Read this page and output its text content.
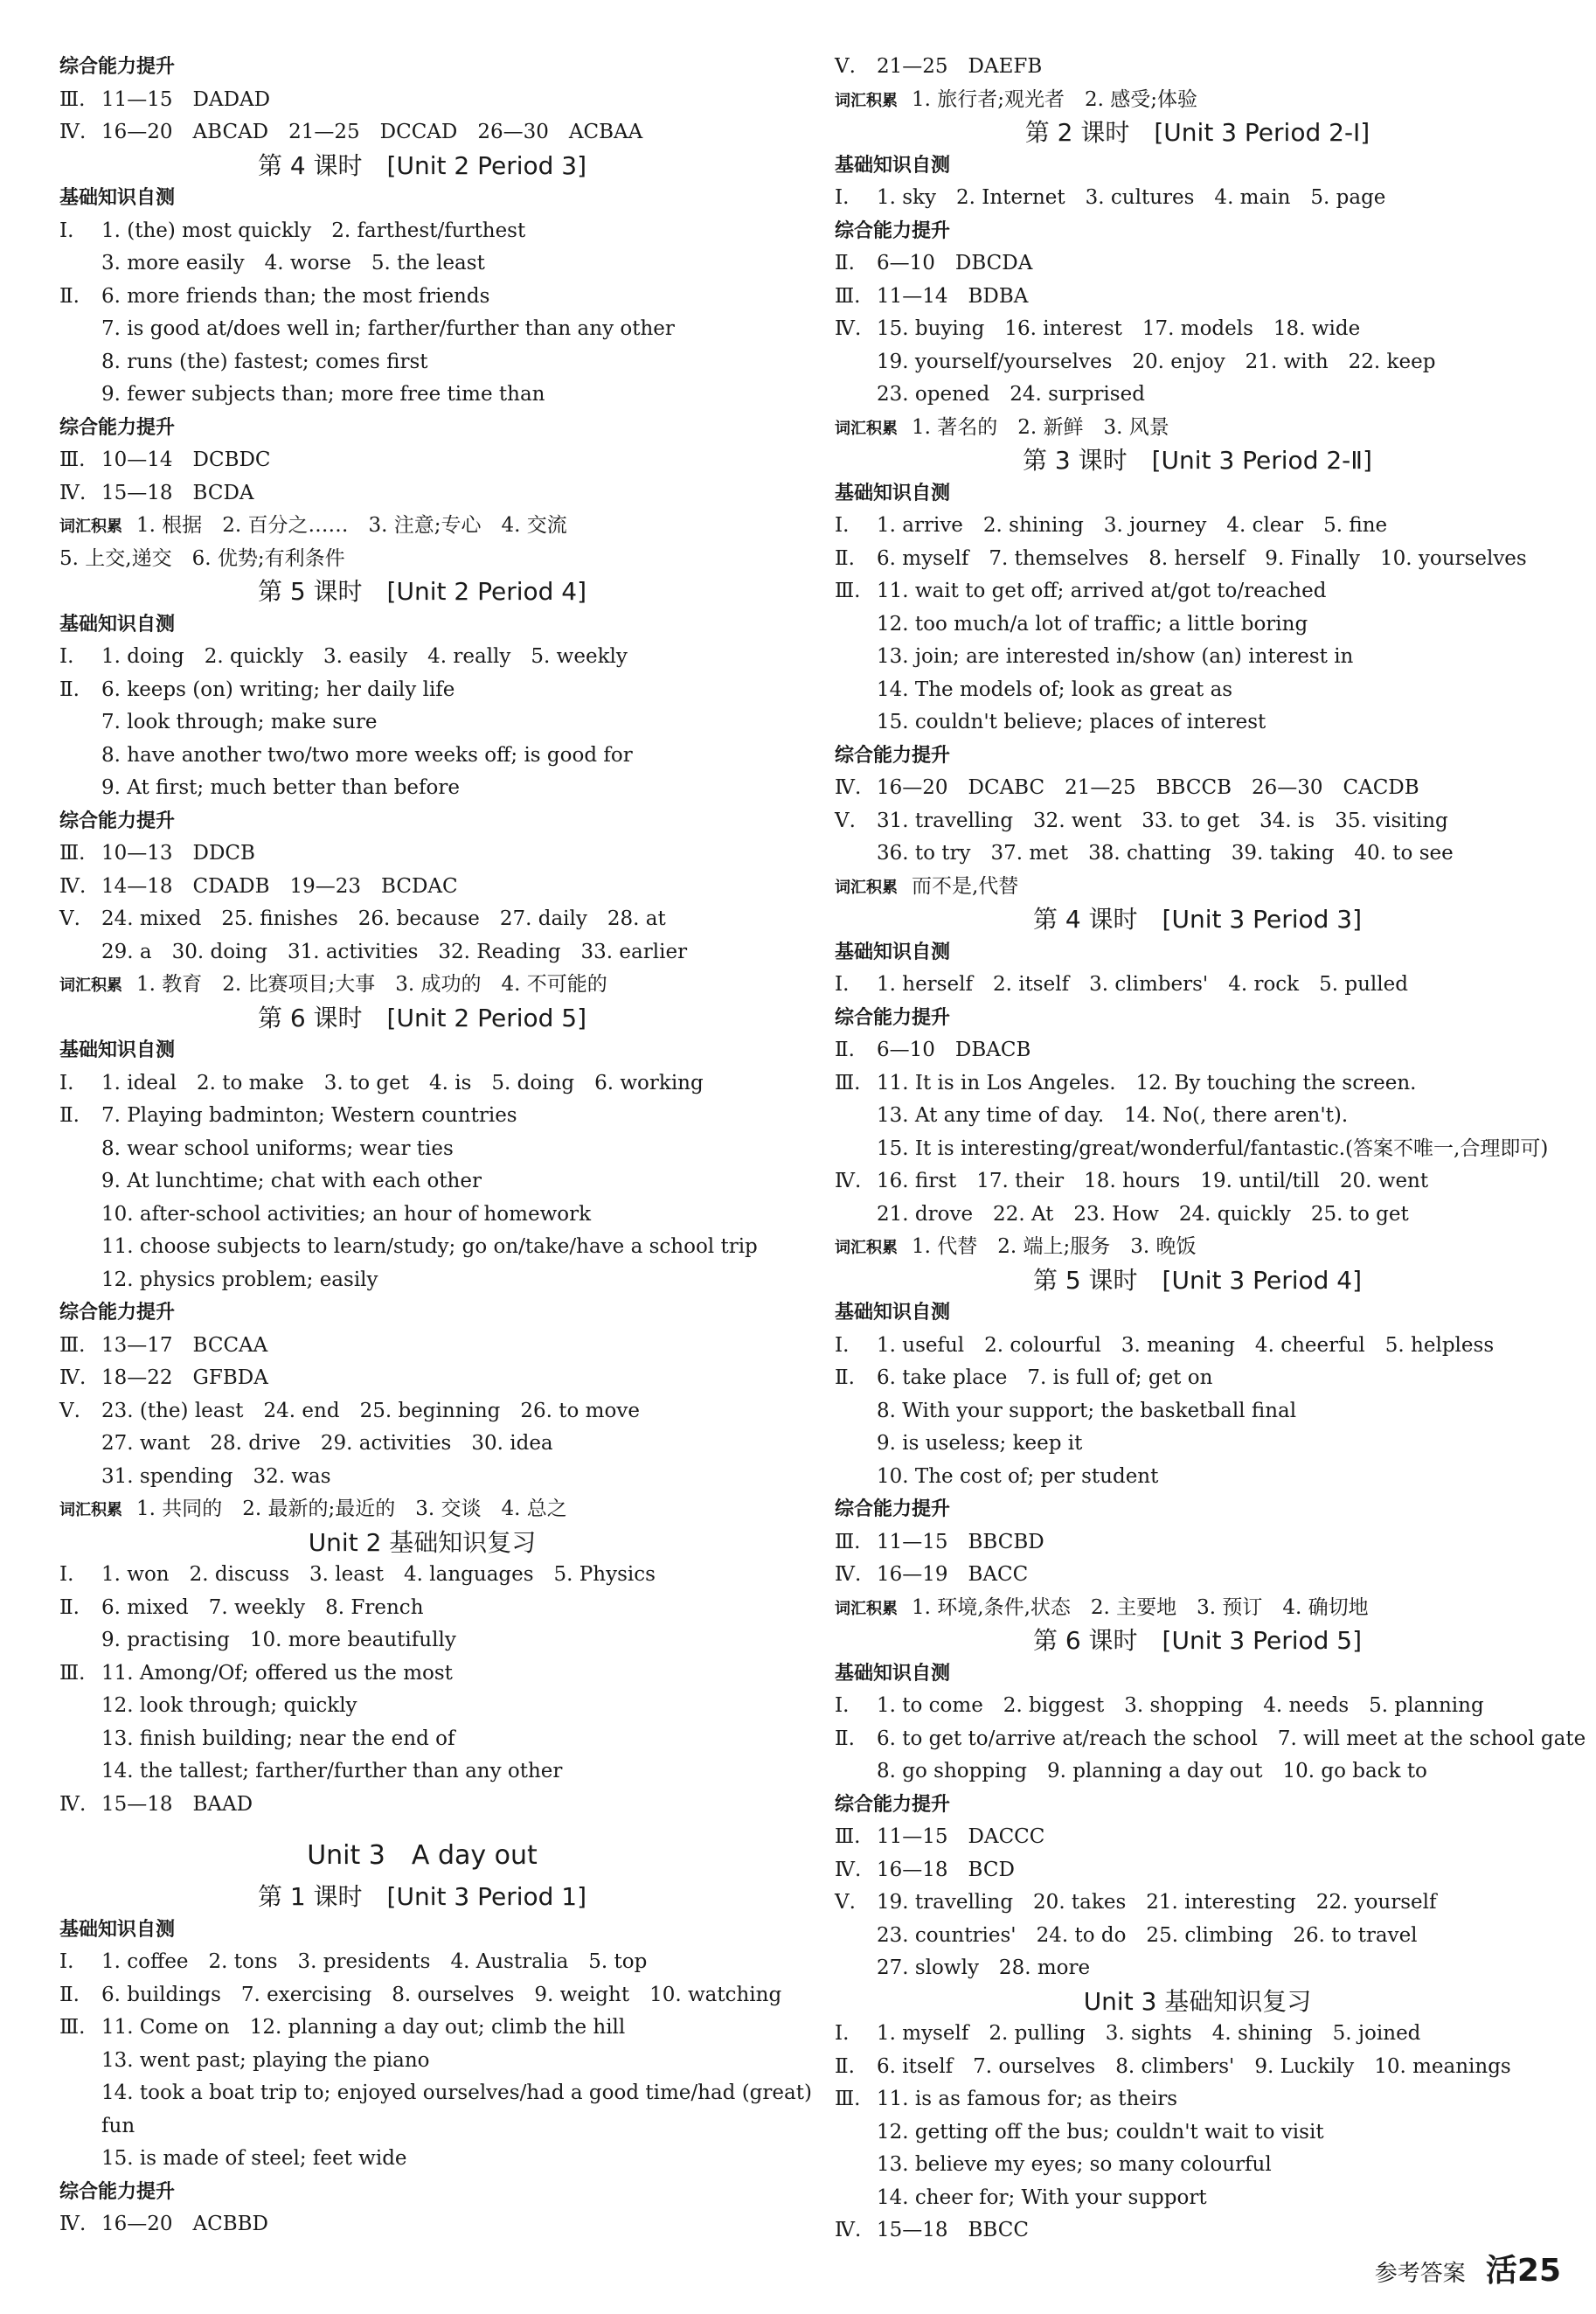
综合能力提升
Ⅲ. 11—15　DADAD
Ⅳ. 16—20　ABCAD　21—25　DCCAD　26—30　ACBAA
第 4 课时　[Unit 2 Period 3]
基础知识自测
Ⅰ. 1. (the) most quickly　2. farthest/furthest
3. more easily　4. worse　5. the least
Ⅱ. 6. more friends than; the most friends
7. is good at/does well in; farther/further than any other
8. runs (the) fastest; comes first
9. fewer subjects than; more free time than
综合能力提升
Ⅲ. 10—14　DCBDC
Ⅳ. 15—18　BCDA
词汇积累 1. 根据　2. 百分之……　3. 注意;专心　4. 交流
5. 上交,递交　6. 优势;有利条件
第 5 课时　[Unit 2 Period 4]
基础知识自测
Ⅰ. 1. doing　2. quickly　3. easily　4. really　5. weekly
Ⅱ. 6. keeps (on) writing; her daily life
7. look through; make sure
8. have another two/two more weeks off; is good for
9. At first; much better than before
综合能力提升
Ⅲ. 10—13　DDCB
Ⅳ. 14—18　CDADB　19—23　BCDAC
Ⅴ. 24. mixed　25. finishes　26. because　27. daily　28. at
29. a　30. doing　31. activities　32. Reading　33. earlier
词汇积累 1. 教育　2. 比赛项目;大事　3. 成功的　4. 不可能的
第 6 课时　[Unit 2 Period 5]
基础知识自测
Ⅰ. 1. ideal　2. to make　3. to get　4. is　5. doing　6. working
Ⅱ. 7. Playing badminton; Western countries
8. wear school uniforms; wear ties
9. At lunchtime; chat with each other
10. after-school activities; an hour of homework
11. choose subjects to learn/study; go on/take/have a school trip
12. physics problem; easily
综合能力提升
Ⅲ. 13—17　BCCAA
Ⅳ. 18—22　GFBDA
Ⅴ. 23. (the) least　24. end　25. beginning　26. to move
27. want　28. drive　29. activities　30. idea
31. spending　32. was
词汇积累 1. 共同的　2. 最新的;最近的　3. 交谈　4. 总之
Unit 2 基础知识复习
Ⅰ. 1. won　2. discuss　3. least　4. languages　5. Physics
Ⅱ. 6. mixed　7. weekly　8. French
9. practising　10. more beautifully
Ⅲ. 11. Among/Of; offered us the most
12. look through; quickly
13. finish building; near the end of
14. the tallest; farther/further than any other
Ⅳ. 15—18　BAAD
Unit 3　A day out
第 1 课时　[Unit 3 Period 1]
基础知识自测
Ⅰ. 1. coffee　2. tons　3. presidents　4. Australia　5. top
Ⅱ. 6. buildings　7. exercising　8. ourselves　9. weight　10. watching
Ⅲ. 11. Come on　12. planning a day out; climb the hill
13. went past; playing the piano
14. took a boat trip to; enjoyed ourselves/had a good time/had (great)
fun
15. is made of steel; feet wide
综合能力提升
Ⅳ. 16—20　ACBBD
Ⅴ. 21—25　DAEFB
词汇积累 1. 旅行者;观光者　2. 感受;体验
第 2 课时　[Unit 3 Period 2-Ⅰ]
基础知识自测
Ⅰ. 1. sky　2. Internet　3. cultures　4. main　5. page
综合能力提升
Ⅱ. 6—10　DBCDA
Ⅲ. 11—14　BDBA
Ⅳ. 15. buying　16. interest　17. models　18. wide
19. yourself/yourselves　20. enjoy　21. with　22. keep
23. opened　24. surprised
词汇积累 1. 著名的　2. 新鲜　3. 风景
第 3 课时　[Unit 3 Period 2-Ⅱ]
基础知识自测
Ⅰ. 1. arrive　2. shining　3. journey　4. clear　5. fine
Ⅱ. 6. myself　7. themselves　8. herself　9. Finally　10. yourselves
Ⅲ. 11. wait to get off; arrived at/got to/reached
12. too much/a lot of traffic; a little boring
13. join; are interested in/show (an) interest in
14. The models of; look as great as
15. couldn't believe; places of interest
综合能力提升
Ⅳ. 16—20　DCABC　21—25　BBCCB　26—30　CACDB
Ⅴ. 31. travelling　32. went　33. to get　34. is　35. visiting
36. to try　37. met　38. chatting　39. taking　40. to see
词汇积累 而不是,代替
第 4 课时　[Unit 3 Period 3]
基础知识自测
Ⅰ. 1. herself　2. itself　3. climbers'　4. rock　5. pulled
综合能力提升
Ⅱ. 6—10　DBACB
Ⅲ. 11. It is in Los Angeles.　12. By touching the screen.
13. At any time of day.　14. No(, there aren't).
15. It is interesting/great/wonderful/fantastic.(答案不唯一,合理即可)
Ⅳ. 16. first　17. their　18. hours　19. until/till　20. went
21. drove　22. At　23. How　24. quickly　25. to get
词汇积累 1. 代替　2. 端上;服务　3. 晚饭
第 5 课时　[Unit 3 Period 4]
基础知识自测
Ⅰ. 1. useful　2. colourful　3. meaning　4. cheerful　5. helpless
Ⅱ. 6. take place　7. is full of; get on
8. With your support; the basketball final
9. is useless; keep it
10. The cost of; per student
综合能力提升
Ⅲ. 11—15　BBCBD
Ⅳ. 16—19　BACC
词汇积累 1. 环境,条件,状态　2. 主要地　3. 预订　4. 确切地
第 6 课时　[Unit 3 Period 5]
基础知识自测
Ⅰ. 1. to come　2. biggest　3. shopping　4. needs　5. planning
Ⅱ. 6. to get to/arrive at/reach the school　7. will meet at the school gate
8. go shopping　9. planning a day out　10. go back to
综合能力提升
Ⅲ. 11—15　DACCC
Ⅳ. 16—18　BCD
Ⅴ. 19. travelling　20. takes　21. interesting　22. yourself
23. countries'　24. to do　25. climbing　26. to travel
27. slowly　28. more
Unit 3 基础知识复习
Ⅰ. 1. myself　2. pulling　3. sights　4. shining　5. joined
Ⅱ. 6. itself　7. ourselves　8. climbers'　9. Luckily　10. meanings
Ⅲ. 11. is as famous for; as theirs
12. getting off the bus; couldn't wait to visit
13. believe my eyes; so many colourful
14. cheer for; With your support
Ⅳ. 15—18　BBCC
参考答案 活25
